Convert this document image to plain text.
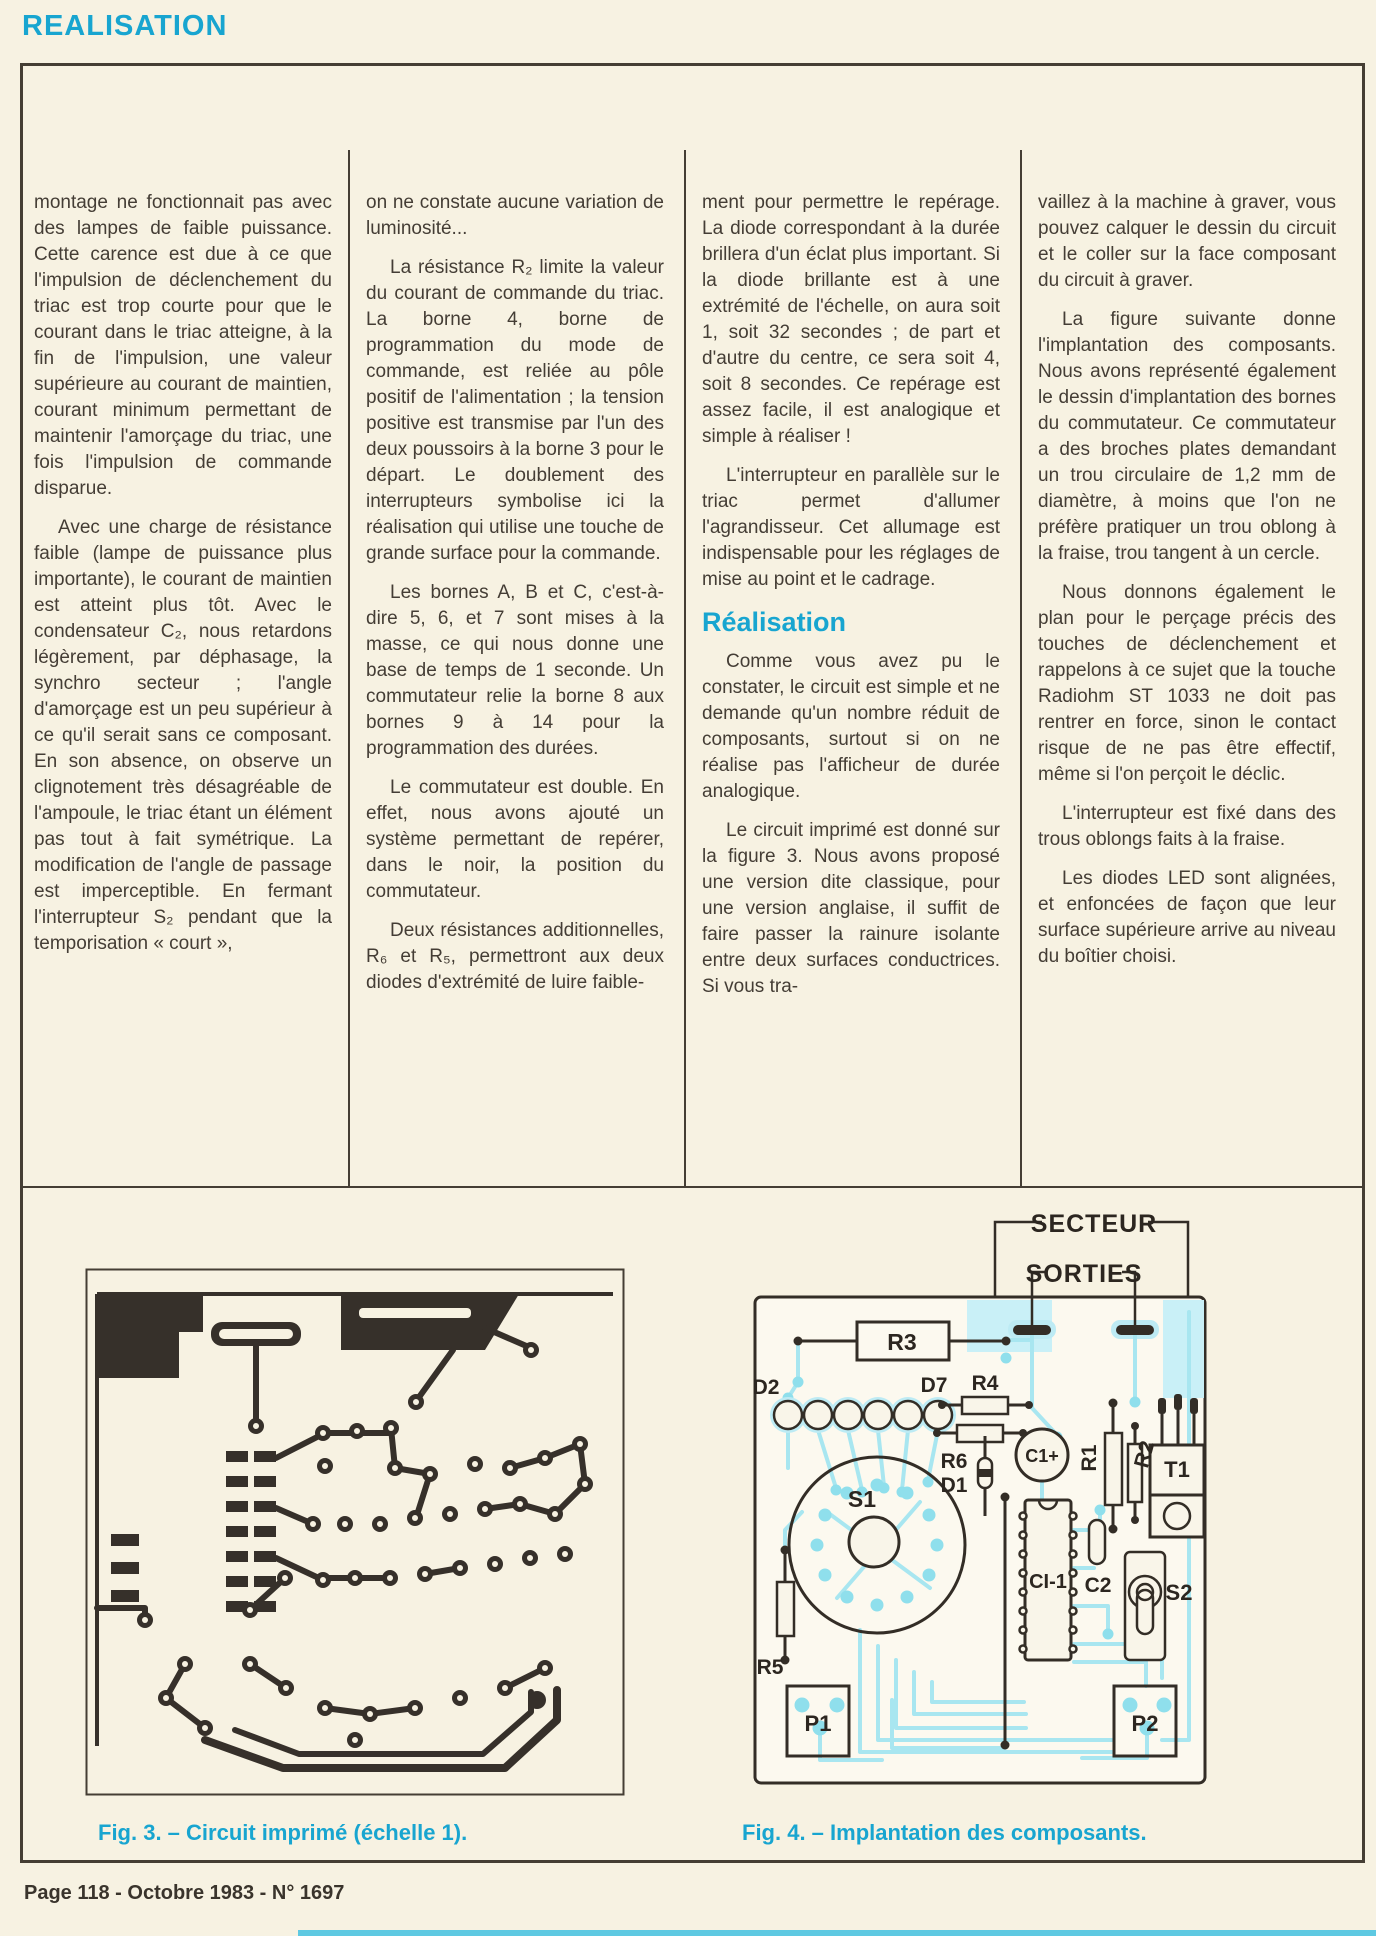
REALISATION

montage ne fonctionnait pas avec des lampes de faible puissance. Cette carence est due à ce que l'impulsion de déclenchement du triac est trop courte pour que le courant dans le triac atteigne, à la fin de l'impulsion, une valeur supérieure au courant de maintien, courant minimum permettant de maintenir l'amorçage du triac, une fois l'impulsion de commande disparue.

Avec une charge de résistance faible (lampe de puissance plus importante), le courant de maintien est atteint plus tôt. Avec le condensateur C₂, nous retardons légèrement, par déphasage, la synchro secteur ; l'angle d'amorçage est un peu supérieur à ce qu'il serait sans ce composant. En son absence, on observe un clignotement très désagréable de l'ampoule, le triac étant un élément pas tout à fait symétrique. La modification de l'angle de passage est imperceptible. En fermant l'interrupteur S₂ pendant que la temporisation « court »,

on ne constate aucune variation de luminosité...

La résistance R₂ limite la valeur du courant de commande du triac. La borne 4, borne de programmation du mode de commande, est reliée au pôle positif de l'alimentation ; la tension positive est transmise par l'un des deux poussoirs à la borne 3 pour le départ. Le doublement des interrupteurs symbolise ici la réalisation qui utilise une touche de grande surface pour la commande.

Les bornes A, B et C, c'est-à-dire 5, 6, et 7 sont mises à la masse, ce qui nous donne une base de temps de 1 seconde. Un commutateur relie la borne 8 aux bornes 9 à 14 pour la programmation des durées.

Le commutateur est double. En effet, nous avons ajouté un système permettant de repérer, dans le noir, la position du commutateur.

Deux résistances additionnelles, R₆ et R₅, permettront aux deux diodes d'extrémité de luire faible-

ment pour permettre le repérage. La diode correspondant à la durée brillera d'un éclat plus important. Si la diode brillante est à une extrémité de l'échelle, on aura soit 1, soit 32 secondes ; de part et d'autre du centre, ce sera soit 4, soit 8 secondes. Ce repérage est assez facile, il est analogique et simple à réaliser !

L'interrupteur en parallèle sur le triac permet d'allumer l'agrandisseur. Cet allumage est indispensable pour les réglages de mise au point et le cadrage.

Réalisation

Comme vous avez pu le constater, le circuit est simple et ne demande qu'un nombre réduit de composants, surtout si on ne réalise pas l'afficheur de durée analogique.

Le circuit imprimé est donné sur la figure 3. Nous avons proposé une version dite classique, pour une version anglaise, il suffit de faire passer la rainure isolante entre deux surfaces conductrices. Si vous tra-

vaillez à la machine à graver, vous pouvez calquer le dessin du circuit et le coller sur la face composant du circuit à graver.

La figure suivante donne l'implantation des composants. Nous avons représenté également le dessin d'implantation des bornes du commutateur. Ce commutateur a des broches plates demandant un trou circulaire de 1,2 mm de diamètre, à moins que l'on ne préfère pratiquer un trou oblong à la fraise, trou tangent à un cercle.

Nous donnons également le plan pour le perçage précis des touches de déclenchement et rappelons à ce sujet que la touche Radiohm ST 1033 ne doit pas rentrer en force, sinon le contact risque de ne pas être effectif, même si l'on perçoit le déclic.

L'interrupteur est fixé dans des trous oblongs faits à la fraise.

Les diodes LED sont alignées, et enfoncées de façon que leur surface supérieure arrive au niveau du boîtier choisi.

SECTEUR
SORTIES
R3
D2	D7 R4
R6
D1
C1+ R1 R2 T1
S1
CI-1 C2 S2
R5
P1	P2
Fig. 3. – Circuit imprimé (échelle 1).	Fig. 4. – Implantation des composants.
Page 118 - Octobre 1983 - N° 1697
